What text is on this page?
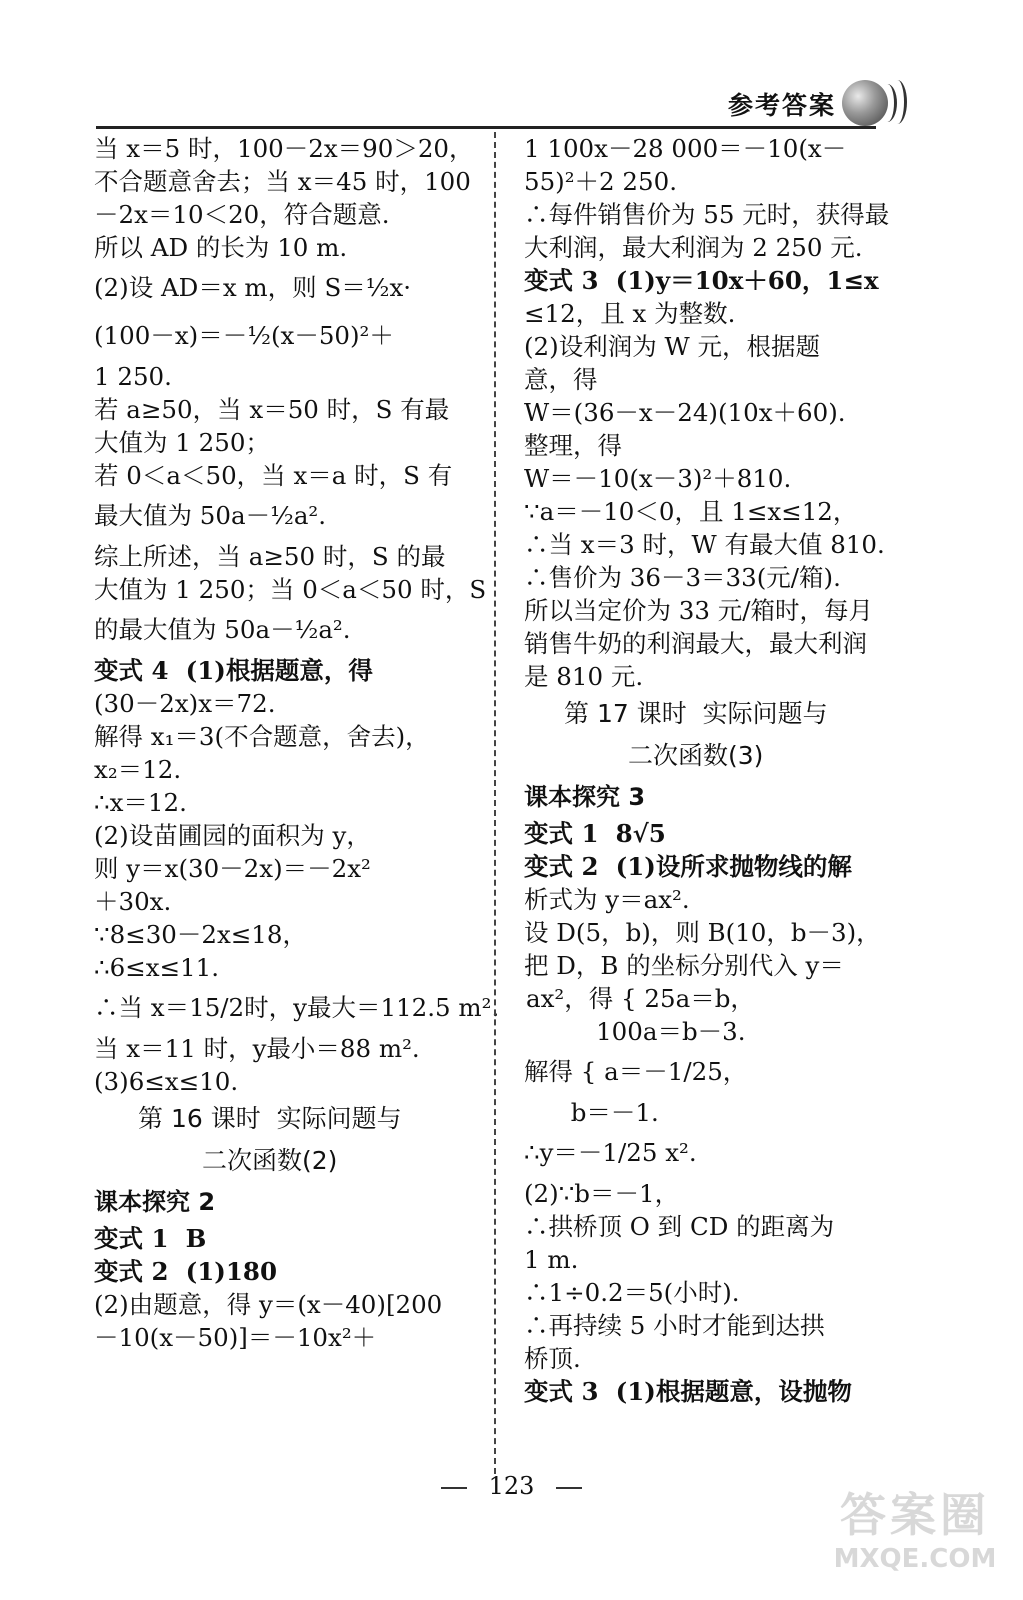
参考答案
当 x＝5 时，100－2x＝90＞20，
不合题意舍去；当 x＝45 时，100
－2x＝10＜20，符合题意.
所以 AD 的长为 10 m.
(2)设 AD＝x m，则 S＝½x·
(100－x)＝－½(x－50)²＋
1 250.
若 a≥50，当 x＝50 时，S 有最
大值为 1 250；
若 0＜a＜50，当 x＝a 时，S 有
最大值为 50a－½a².
综上所述，当 a≥50 时，S 的最
大值为 1 250；当 0＜a＜50 时，S
的最大值为 50a－½a².
变式 4  (1)根据题意，得
(30－2x)x＝72.
解得 x₁＝3(不合题意，舍去)，
x₂＝12.
∴x＝12.
(2)设苗圃园的面积为 y，
则 y＝x(30－2x)＝－2x²
＋30x.
∵8≤30－2x≤18，
∴6≤x≤11.
∴当 x＝15/2时，y最大＝112.5 m².
当 x＝11 时，y最小＝88 m².
(3)6≤x≤10.
第 16 课时  实际问题与
二次函数(2)
课本探究 2
变式 1  B
变式 2  (1)180
(2)由题意，得 y＝(x－40)[200
－10(x－50)]＝－10x²＋
1 100x－28 000＝－10(x－
55)²＋2 250.
∴每件销售价为 55 元时，获得最
大利润，最大利润为 2 250 元.
变式 3  (1)y＝10x＋60，1≤x
≤12，且 x 为整数.
(2)设利润为 W 元，根据题
意，得
W＝(36－x－24)(10x＋60).
整理，得
W＝－10(x－3)²＋810.
∵a＝－10＜0，且 1≤x≤12，
∴当 x＝3 时，W 有最大值 810.
∴售价为 36－3＝33(元/箱).
所以当定价为 33 元/箱时，每月
销售牛奶的利润最大，最大利润
是 810 元.
第 17 课时  实际问题与
二次函数(3)
课本探究 3
变式 1  8√5
变式 2  (1)设所求抛物线的解
析式为 y＝ax².
设 D(5，b)，则 B(10，b－3)，
把 D，B 的坐标分别代入 y＝
ax²，得 { 25a＝b，
100a＝b－3.
解得 { a＝－1/25，
b＝－1.
∴y＝－1/25 x².
(2)∵b＝－1，
∴拱桥顶 O 到 CD 的距离为
1 m.
∴1÷0.2＝5(小时).
∴再持续 5 小时才能到达拱
桥顶.
变式 3  (1)根据题意，设抛物
123
答案圈
MXQE.COM
